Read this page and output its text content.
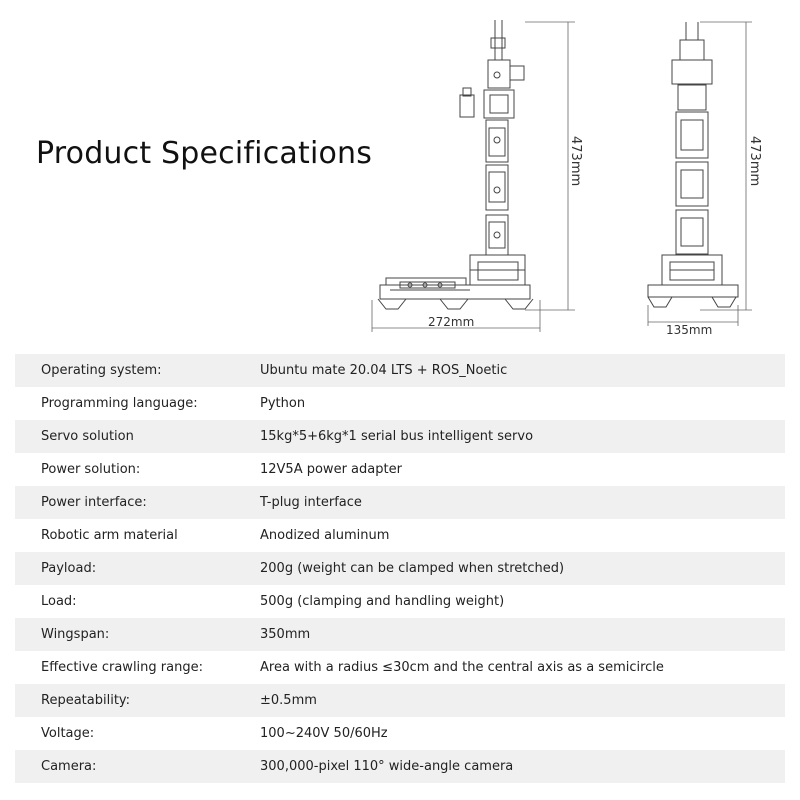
Product Specifications	473mm
272mm
473mm
135mm
Operating system:	Ubuntu mate 20.04 LTS + ROS_Noetic
Programming language:	Python
Servo solution	15kg*5+6kg*1 serial bus intelligent servo
Power solution:	12V5A power adapter
Power interface:	T-plug interface
Robotic arm material	Anodized aluminum
Payload:	200g (weight can be clamped when stretched)
Load:	500g (clamping and handling weight)
Wingspan:	350mm
Effective crawling range:	Area with a radius ≤30cm and the central axis as a semicircle
Repeatability:	±0.5mm
Voltage:	100~240V 50/60Hz
Camera:	300,000-pixel 110° wide-angle camera
